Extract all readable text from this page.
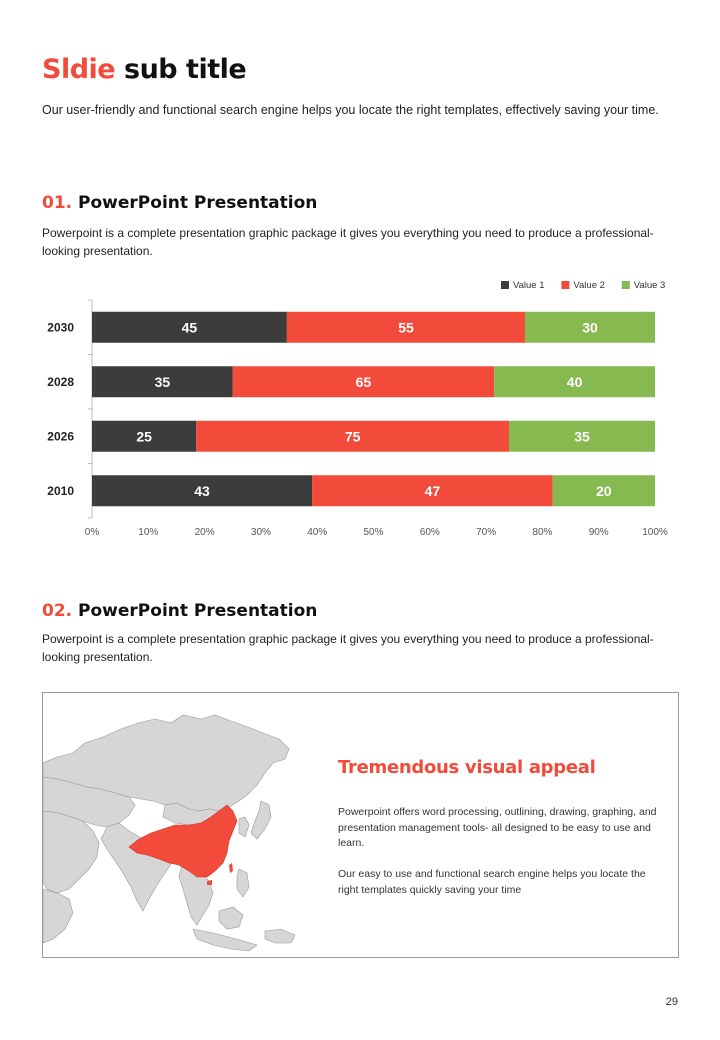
Sldie sub title
Our user-friendly and functional search engine helps you locate the right templates, effectively saving your time.
01. PowerPoint Presentation
Powerpoint is a complete presentation graphic package it gives you everything you need to produce a professional-looking presentation.
Value 1	Value 2	Value 3
2030	45	55	30
2028	35	65	40
2026	25	75	35
2010	43	47	20
0%	10%	20%	30%	40%	50%	60%	70%	80%	90%	100%
02. PowerPoint Presentation
Powerpoint is a complete presentation graphic package it gives you everything you need to produce a professional-looking presentation.
Tremendous visual appeal

Powerpoint offers word processing, outlining, drawing, graphing, and presentation management tools- all designed to be easy to use and learn.

Our easy to use and functional search engine helps you locate the right templates quickly saving your time

29
